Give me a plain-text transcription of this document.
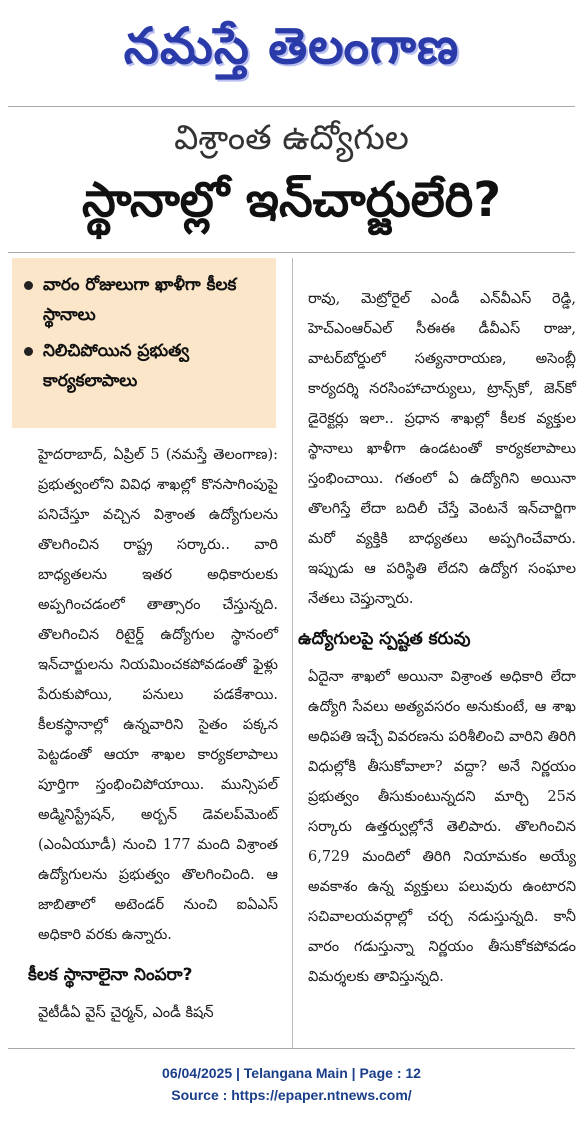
నమస్తే తెలంగాణ
విశ్రాంత ఉద్యోగుల
స్థానాల్లో ఇన్‌చార్జులేరి?
వారం రోజులుగా ఖాళీగా కీలక స్థానాలు
నిలిచిపోయిన ప్రభుత్వ కార్యకలాపాలు

హైదరాబాద్, ఏప్రిల్ 5 (నమస్తే తెలంగాణ): ప్రభుత్వంలోని వివిధ శాఖల్లో కొనసాగింపుపై పనిచేస్తూ వచ్చిన విశ్రాంత ఉద్యోగులను తొలగించిన రాష్ట్ర సర్కారు.. వారి బాధ్యతలను ఇతర అధికారులకు అప్పగించడంలో తాత్సారం చేస్తున్నది. తొలగించిన రిటైర్డ్ ఉద్యోగుల స్థానంలో ఇన్‌చార్జులను నియమించకపోవడంతో ఫైళ్లు పేరుకుపోయి, పనులు పడకేశాయి. కీలకస్థానాల్లో ఉన్నవారిని సైతం పక్కన పెట్టడంతో ఆయా శాఖల కార్యకలాపాలు పూర్తిగా స్తంభించిపోయాయి. మున్సిపల్ అడ్మినిస్ట్రేషన్, అర్బన్ డెవలప్‌మెంట్ (ఎంఏయూడీ) నుంచి 177 మంది విశ్రాంత ఉద్యోగులను ప్రభుత్వం తొలగించింది. ఆ జాబితాలో అటెండర్ నుంచి ఐఏఎస్ అధికారి వరకు ఉన్నారు.

కీలక స్థానాలైనా నింపరా?

వైటీడీఏ వైస్ చైర్మన్, ఎండీ కిషన్

రావు, మెట్రోరైల్ ఎండీ ఎన్‌వీఎస్ రెడ్డి, హెచ్‌ఎంఆర్‌ఎల్ సీఈఈ డీవీఎస్ రాజు, వాటర్‌బోర్డులో సత్యనారాయణ, అసెంబ్లీ కార్యదర్శి నరసింహాచార్యులు, ట్రాన్స్‌కో, జెన్‌కో డైరెక్టర్లు ఇలా.. ప్రధాన శాఖల్లో కీలక వ్యక్తుల స్థానాలు ఖాళీగా ఉండటంతో కార్యకలాపాలు స్తంభించాయి. గతంలో ఏ ఉద్యోగిని అయినా తొలగిస్తే లేదా బదిలీ చేస్తే వెంటనే ఇన్‌చార్జిగా మరో వ్యక్తికి బాధ్యతలు అప్పగించేవారు. ఇప్పుడు ఆ పరిస్థితి లేదని ఉద్యోగ సంఘాల నేతలు చెప్తున్నారు.

ఉద్యోగులపై స్పష్టత కరువు

ఏదైనా శాఖలో అయినా విశ్రాంత అధికారి లేదా ఉద్యోగి సేవలు అత్యవసరం అనుకుంటే, ఆ శాఖ అధిపతి ఇచ్చే వివరణను పరిశీలించి వారిని తిరిగి విధుల్లోకి తీసుకోవాలా? వద్దా? అనే నిర్ణయం ప్రభుత్వం తీసుకుంటున్నదని మార్చి 25న సర్కారు ఉత్తర్వుల్లోనే తెలిపారు. తొలగించిన 6,729 మందిలో తిరిగి నియామకం అయ్యే అవకాశం ఉన్న వ్యక్తులు పలువురు ఉంటారని సచివాలయవర్గాల్లో చర్చ నడుస్తున్నది. కానీ వారం గడుస్తున్నా నిర్ణయం తీసుకోకపోవడం విమర్శలకు తావిస్తున్నది.

06/04/2025 | Telangana Main | Page : 12
Source : https://epaper.ntnews.com/
